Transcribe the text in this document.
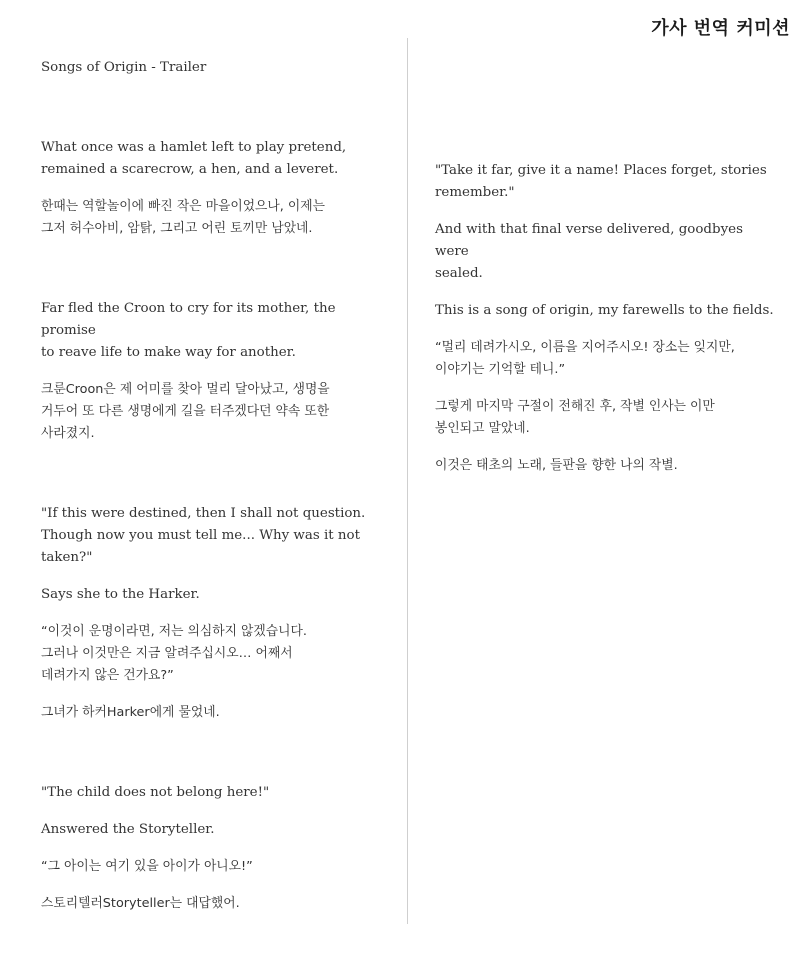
가사 번역 커미션
Songs of Origin - Trailer
What once was a hamlet left to play pretend,
remained a scarecrow, a hen, and a leveret.
한때는 역할놀이에 빠진 작은 마을이었으나, 이제는
그저 허수아비, 암탉, 그리고 어린 토끼만 남았네.
Far fled the Croon to cry for its mother, the promise
to reave life to make way for another.
크룬Croon은 제 어미를 찾아 멀리 달아났고, 생명을
거두어 또 다른 생명에게 길을 터주겠다던 약속 또한
사라졌지.
"If this were destined, then I shall not question.
Though now you must tell me... Why was it not
taken?"
Says she to the Harker.
“이것이 운명이라면, 저는 의심하지 않겠습니다.
그러나 이것만은 지금 알려주십시오… 어째서
데려가지 않은 건가요?”
그녀가 하커Harker에게 물었네.
"The child does not belong here!"
Answered the Storyteller.
“그 아이는 여기 있을 아이가 아니오!”
스토리텔러Storyteller는 대답했어.
"Take it far, give it a name! Places forget, stories
remember."
And with that final verse delivered, goodbyes were
sealed.
This is a song of origin, my farewells to the fields.
“멀리 데려가시오, 이름을 지어주시오! 장소는 잊지만,
이야기는 기억할 테니.”
그렇게 마지막 구절이 전해진 후, 작별 인사는 이만
봉인되고 말았네.
이것은 태초의 노래, 들판을 향한 나의 작별.
